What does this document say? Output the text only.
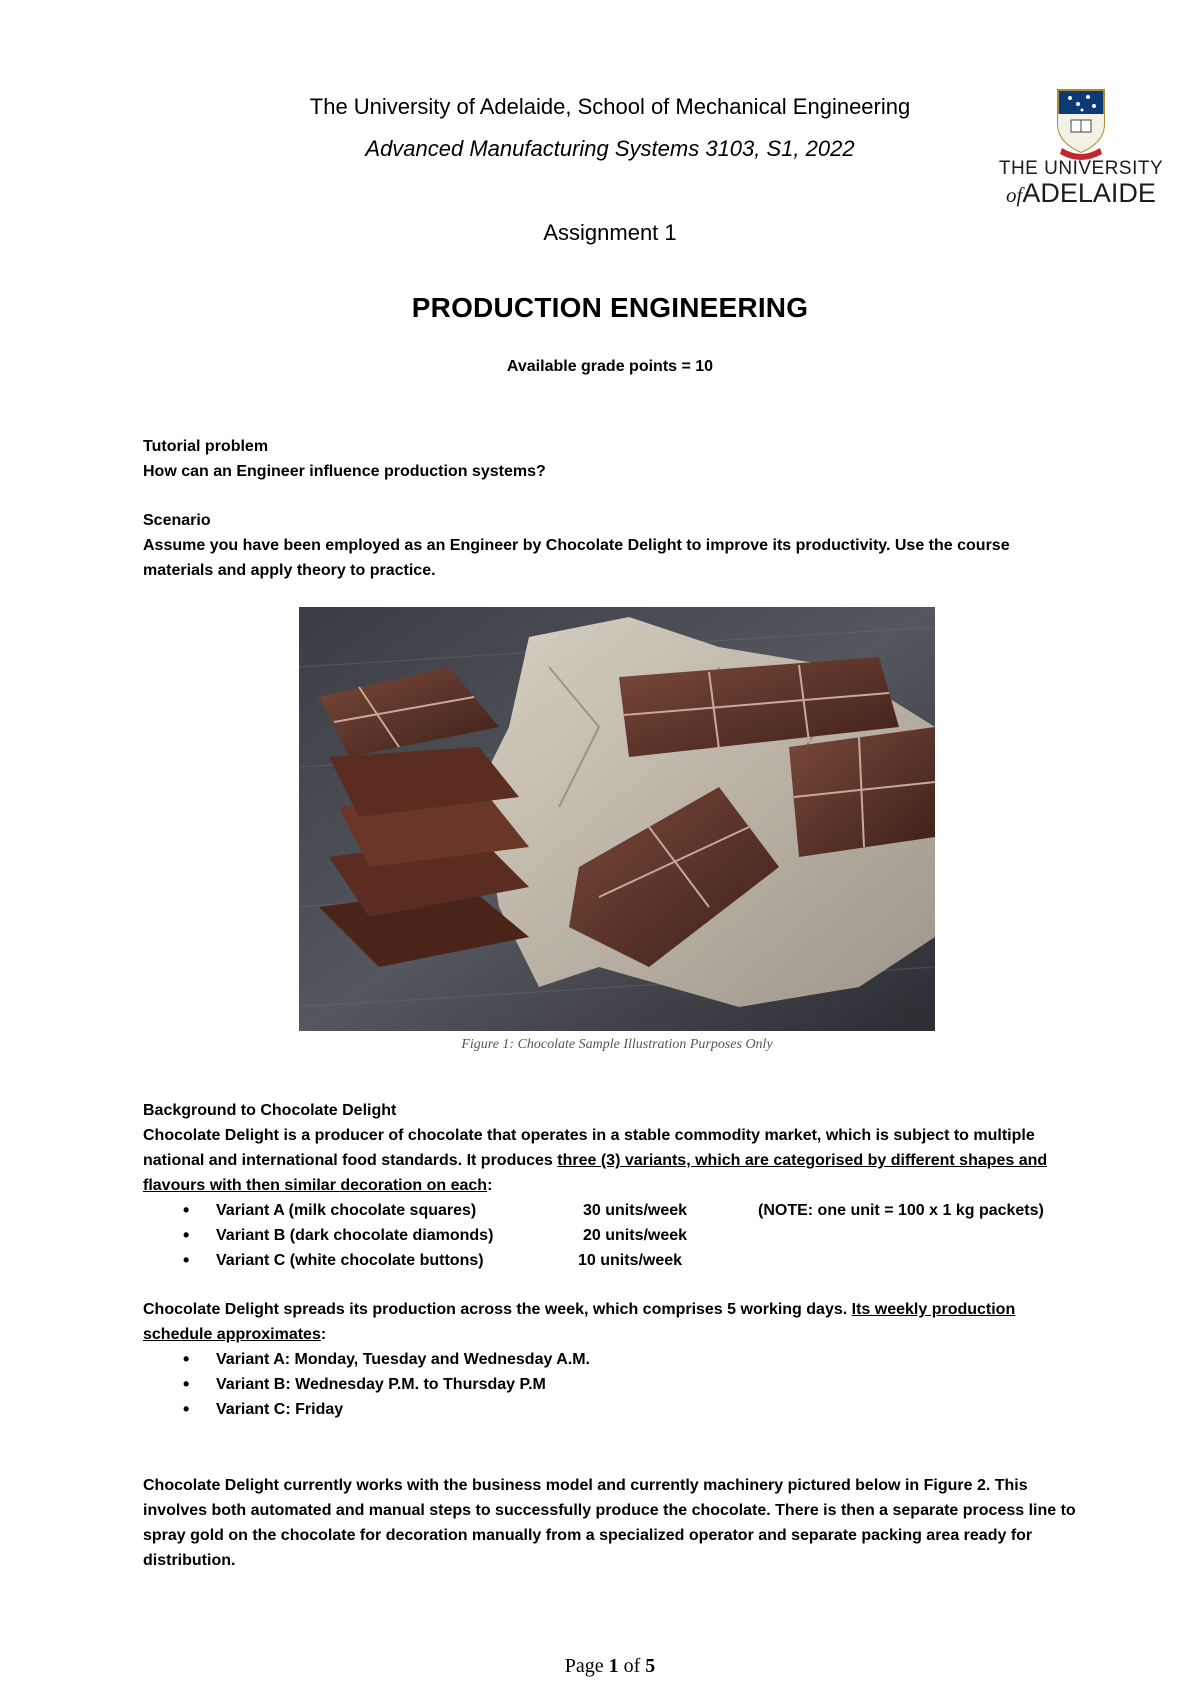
The University of Adelaide, School of Mechanical Engineering
Advanced Manufacturing Systems 3103, S1, 2022
THE UNIVERSITY
ofADELAIDE
Assignment 1
PRODUCTION ENGINEERING
Available grade points = 10
Tutorial problem
How can an Engineer influence production systems?
Scenario
Assume you have been employed as an Engineer by Chocolate Delight to improve its productivity. Use the course materials and apply theory to practice.
Figure 1: Chocolate Sample Illustration Purposes Only
Background to Chocolate Delight
Chocolate Delight is a producer of chocolate that operates in a stable commodity market, which is subject to multiple national and international food standards. It produces three (3) variants, which are categorised by different shapes and flavours with then similar decoration on each:
• Variant A (milk chocolate squares)	30 units/week	(NOTE: one unit = 100 x 1 kg packets)
• Variant B (dark chocolate diamonds)	20 units/week
• Variant C (white chocolate buttons)	10 units/week
Chocolate Delight spreads its production across the week, which comprises 5 working days. Its weekly production schedule approximates:
• Variant A: Monday, Tuesday and Wednesday A.M.
• Variant B: Wednesday P.M. to Thursday P.M
• Variant C: Friday
Chocolate Delight currently works with the business model and currently machinery pictured below in Figure 2. This involves both automated and manual steps to successfully produce the chocolate. There is then a separate process line to spray gold on the chocolate for decoration manually from a specialized operator and separate packing area ready for distribution.
Page 1 of 5
